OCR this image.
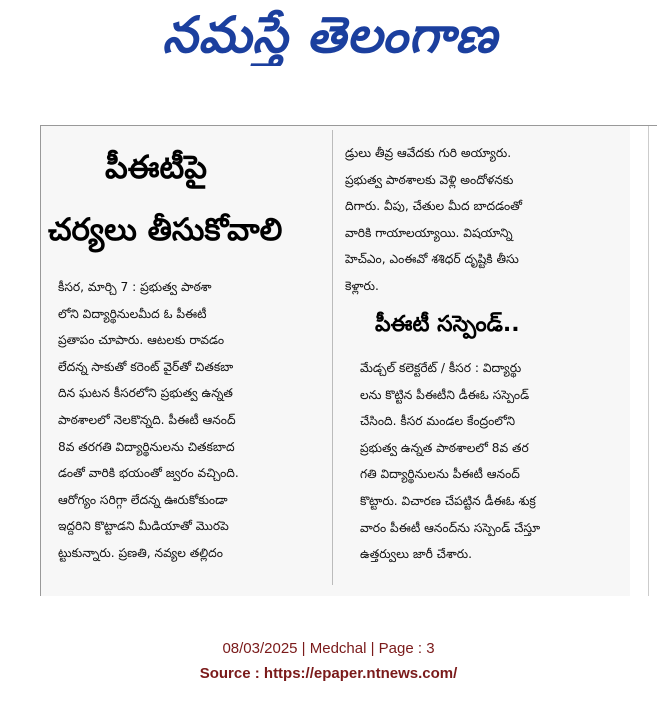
నమస్తే తెలంగాణ
పీఈటీపై
చర్యలు తీసుకోవాలి
కీసర, మార్చి 7 : ప్రభుత్వ పాఠశా
లోని విద్యార్థినులమీద ఓ పీఈటీ
ప్రతాపం చూపారు. ఆటలకు రావడం
లేదన్న సాకుతో కరెంట్ వైర్‌తో చితకబా
దిన ఘటన కీసరలోని ప్రభుత్వ ఉన్నత
పాఠశాలలో నెలకొన్నది. పీఈటీ ఆనంద్
8వ తరగతి విద్యార్థినులను చితకబాద
డంతో వారికి భయంతో జ్వరం వచ్చింది.
ఆరోగ్యం సరిగ్గా లేదన్న ఊరుకోకుండా
ఇద్దరిని కొట్టాడని మీడియాతో మొరపె
ట్టుకున్నారు. ప్రణతి, నవ్యల తల్లిదం
డ్రులు తీవ్ర ఆవేదకు గురి అయ్యారు.
ప్రభుత్వ పాఠశాలకు వెళ్లి అందోళనకు
దిగారు. వీపు, చేతుల మీద బాదడంతో
వారికి గాయాలయ్యాయి. విషయాన్ని
హెచ్ఎం, ఎంఈవో శశిధర్ దృష్టికి తీసు
కెళ్లారు.
పీఈటీ సస్పెండ్..
మేడ్చల్ కలెక్టరేట్ / కీసర : విద్యార్థు
లను కొట్టిన పీఈటీని డీఈఓ సస్పెండ్
చేసింది. కీసర మండల కేంద్రంలోని
ప్రభుత్వ ఉన్నత పాఠశాలలో 8వ తర
గతి విద్యార్థినులను పీఈటీ ఆనంద్
కొట్టారు. విచారణ చేపట్టిన డీఈఓ శుక్ర
వారం పీఈటీ ఆనంద్‌ను సస్పెండ్ చేస్తూ
ఉత్తర్వులు జారీ చేశారు.
08/03/2025 | Medchal | Page : 3
Source : https://epaper.ntnews.com/
